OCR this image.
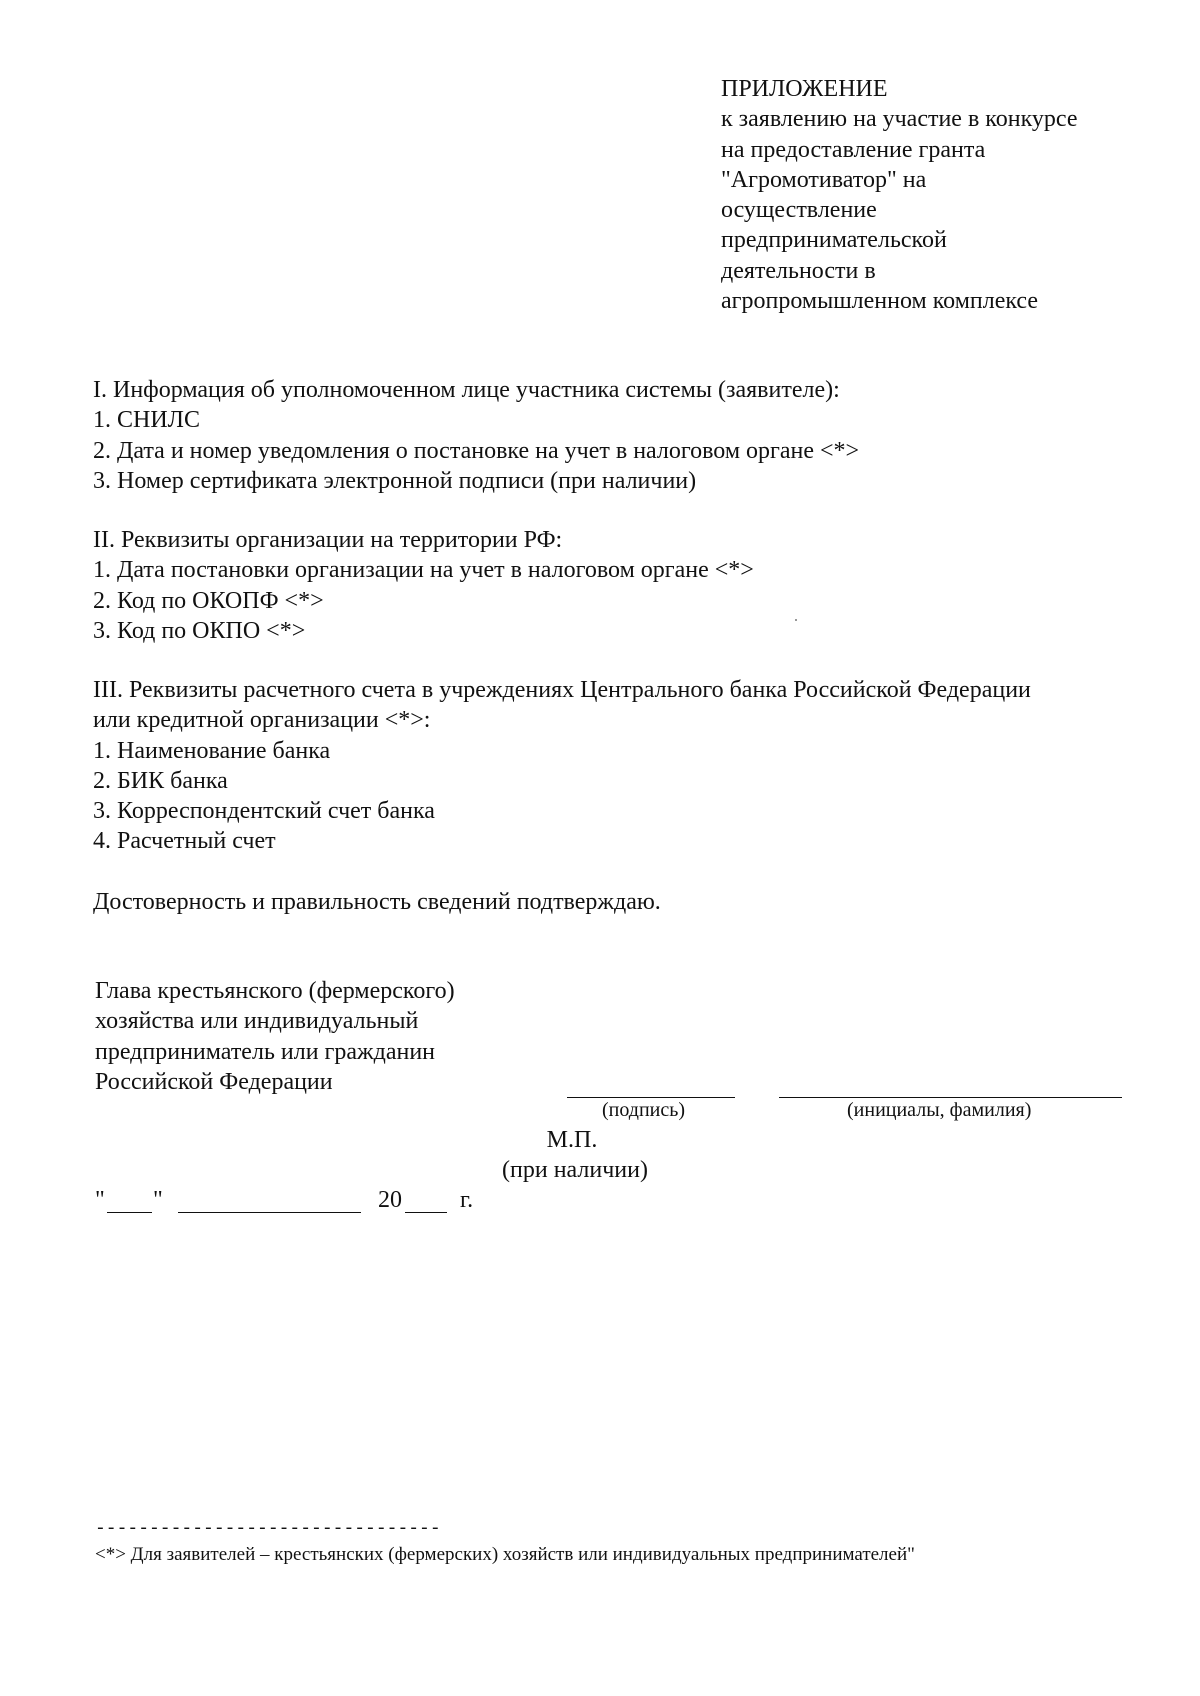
ПРИЛОЖЕНИЕ
к заявлению на участие в конкурсе
на предоставление гранта
"Агромотиватор" на
осуществление
предпринимательской
деятельности в
агропромышленном комплексе
I. Информация об уполномоченном лице участника системы (заявителе):
1. СНИЛС
2. Дата и номер уведомления о постановке на учет в налоговом органе <*>
3. Номер сертификата электронной подписи (при наличии)
II. Реквизиты организации на территории РФ:
1. Дата постановки организации на учет в налоговом органе <*>
2. Код по ОКОПФ <*>
3. Код по ОКПО <*>
III. Реквизиты расчетного счета в учреждениях Центрального банка Российской Федерации
или кредитной организации <*>:
1. Наименование банка
2. БИК банка
3. Корреспондентский счет банка
4. Расчетный счет
Достоверность и правильность сведений подтверждаю.
Глава крестьянского (фермерского)
хозяйства или индивидуальный
предприниматель или гражданин
Российской Федерации
(подпись)	(инициалы, фамилия)
М.П.
(при наличии)
" "	20 г.
--------------------------------
<*> Для заявителей – крестьянских (фермерских) хозяйств или индивидуальных предпринимателей"
